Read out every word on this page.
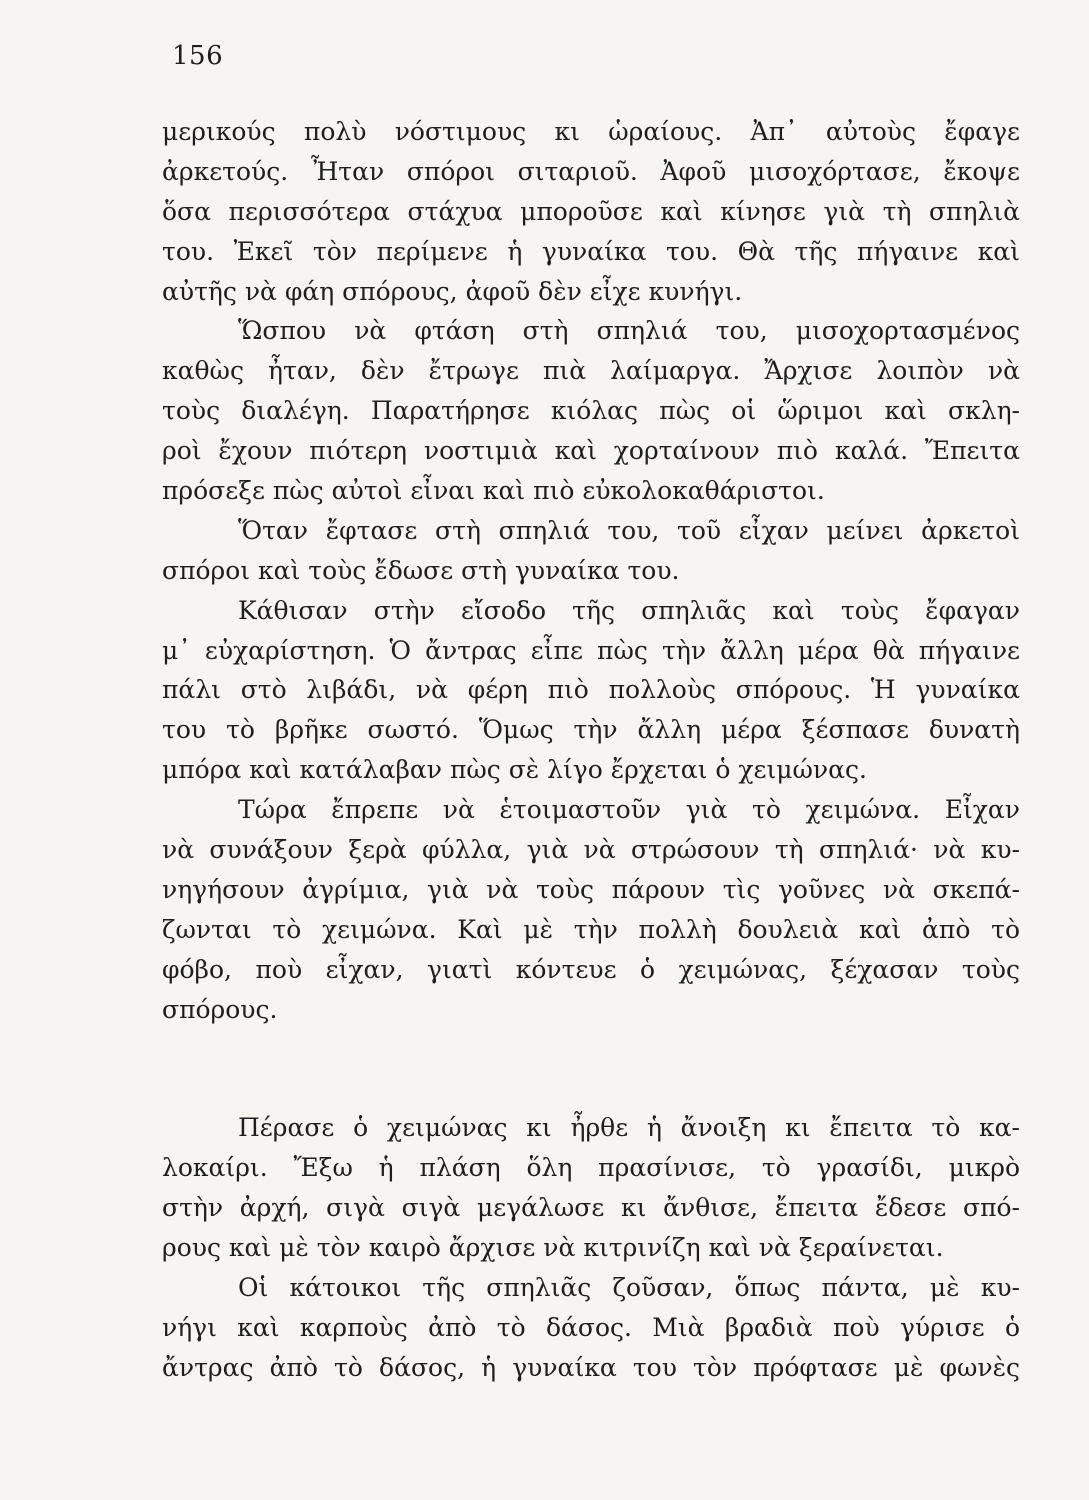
156
μερικούς πολὺ νόστιμους κι ὡραίους. Ἀπ᾽ αὐτοὺς ἔφαγε
ἀρκετούς. Ἦταν σπόροι σιταριοῦ. Ἀφοῦ μισοχόρτασε, ἔκοψε
ὅσα περισσότερα στάχυα μποροῦσε καὶ κίνησε γιὰ τὴ σπηλιὰ
του. Ἐκεῖ τὸν περίμενε ἡ γυναίκα του. Θὰ τῆς πήγαινε καὶ
αὐτῆς νὰ φάη σπόρους, ἀφοῦ δὲν εἶχε κυνήγι.
Ὥσπου νὰ φτάση στὴ σπηλιά του, μισοχορτασμένος
καθὼς ἦταν, δὲν ἔτρωγε πιὰ λαίμαργα. Ἄρχισε λοιπὸν νὰ
τοὺς διαλέγη. Παρατήρησε κιόλας πὼς οἱ ὥριμοι καὶ σκλη-
ροὶ ἔχουν πιότερη νοστιμιὰ καὶ χορταίνουν πιὸ καλά. Ἔπειτα
πρόσεξε πὼς αὐτοὶ εἶναι καὶ πιὸ εὐκολοκαθάριστοι.
Ὅταν ἔφτασε στὴ σπηλιά του, τοῦ εἶχαν μείνει ἀρκετοὶ
σπόροι καὶ τοὺς ἔδωσε στὴ γυναίκα του.
Κάθισαν στὴν εἴσοδο τῆς σπηλιᾶς καὶ τοὺς ἔφαγαν
μ᾽ εὐχαρίστηση. Ὁ ἄντρας εἶπε πὼς τὴν ἄλλη μέρα θὰ πήγαινε
πάλι στὸ λιβάδι, νὰ φέρη πιὸ πολλοὺς σπόρους. Ἡ γυναίκα
του τὸ βρῆκε σωστό. Ὅμως τὴν ἄλλη μέρα ξέσπασε δυνατὴ
μπόρα καὶ κατάλαβαν πὼς σὲ λίγο ἔρχεται ὁ χειμώνας.
Τώρα ἔπρεπε νὰ ἑτοιμαστοῦν γιὰ τὸ χειμώνα. Εἶχαν
νὰ συνάξουν ξερὰ φύλλα, γιὰ νὰ στρώσουν τὴ σπηλιά· νὰ κυ-
νηγήσουν ἀγρίμια, γιὰ νὰ τοὺς πάρουν τὶς γοῦνες νὰ σκεπά-
ζωνται τὸ χειμώνα. Καὶ μὲ τὴν πολλὴ δουλειὰ καὶ ἀπὸ τὸ
φόβο, ποὺ εἶχαν, γιατὶ κόντευε ὁ χειμώνας, ξέχασαν τοὺς
σπόρους.
Πέρασε ὁ χειμώνας κι ἦρθε ἡ ἄνοιξη κι ἔπειτα τὸ κα-
λοκαίρι. Ἔξω ἡ πλάση ὅλη πρασίνισε, τὸ γρασίδι, μικρὸ
στὴν ἀρχή, σιγὰ σιγὰ μεγάλωσε κι ἄνθισε, ἔπειτα ἔδεσε σπό-
ρους καὶ μὲ τὸν καιρὸ ἄρχισε νὰ κιτρινίζη καὶ νὰ ξεραίνεται.
Οἱ κάτοικοι τῆς σπηλιᾶς ζοῦσαν, ὅπως πάντα, μὲ κυ-
νήγι καὶ καρποὺς ἀπὸ τὸ δάσος. Μιὰ βραδιὰ ποὺ γύρισε ὁ
ἄντρας ἀπὸ τὸ δάσος, ἡ γυναίκα του τὸν πρόφτασε μὲ φωνὲς
